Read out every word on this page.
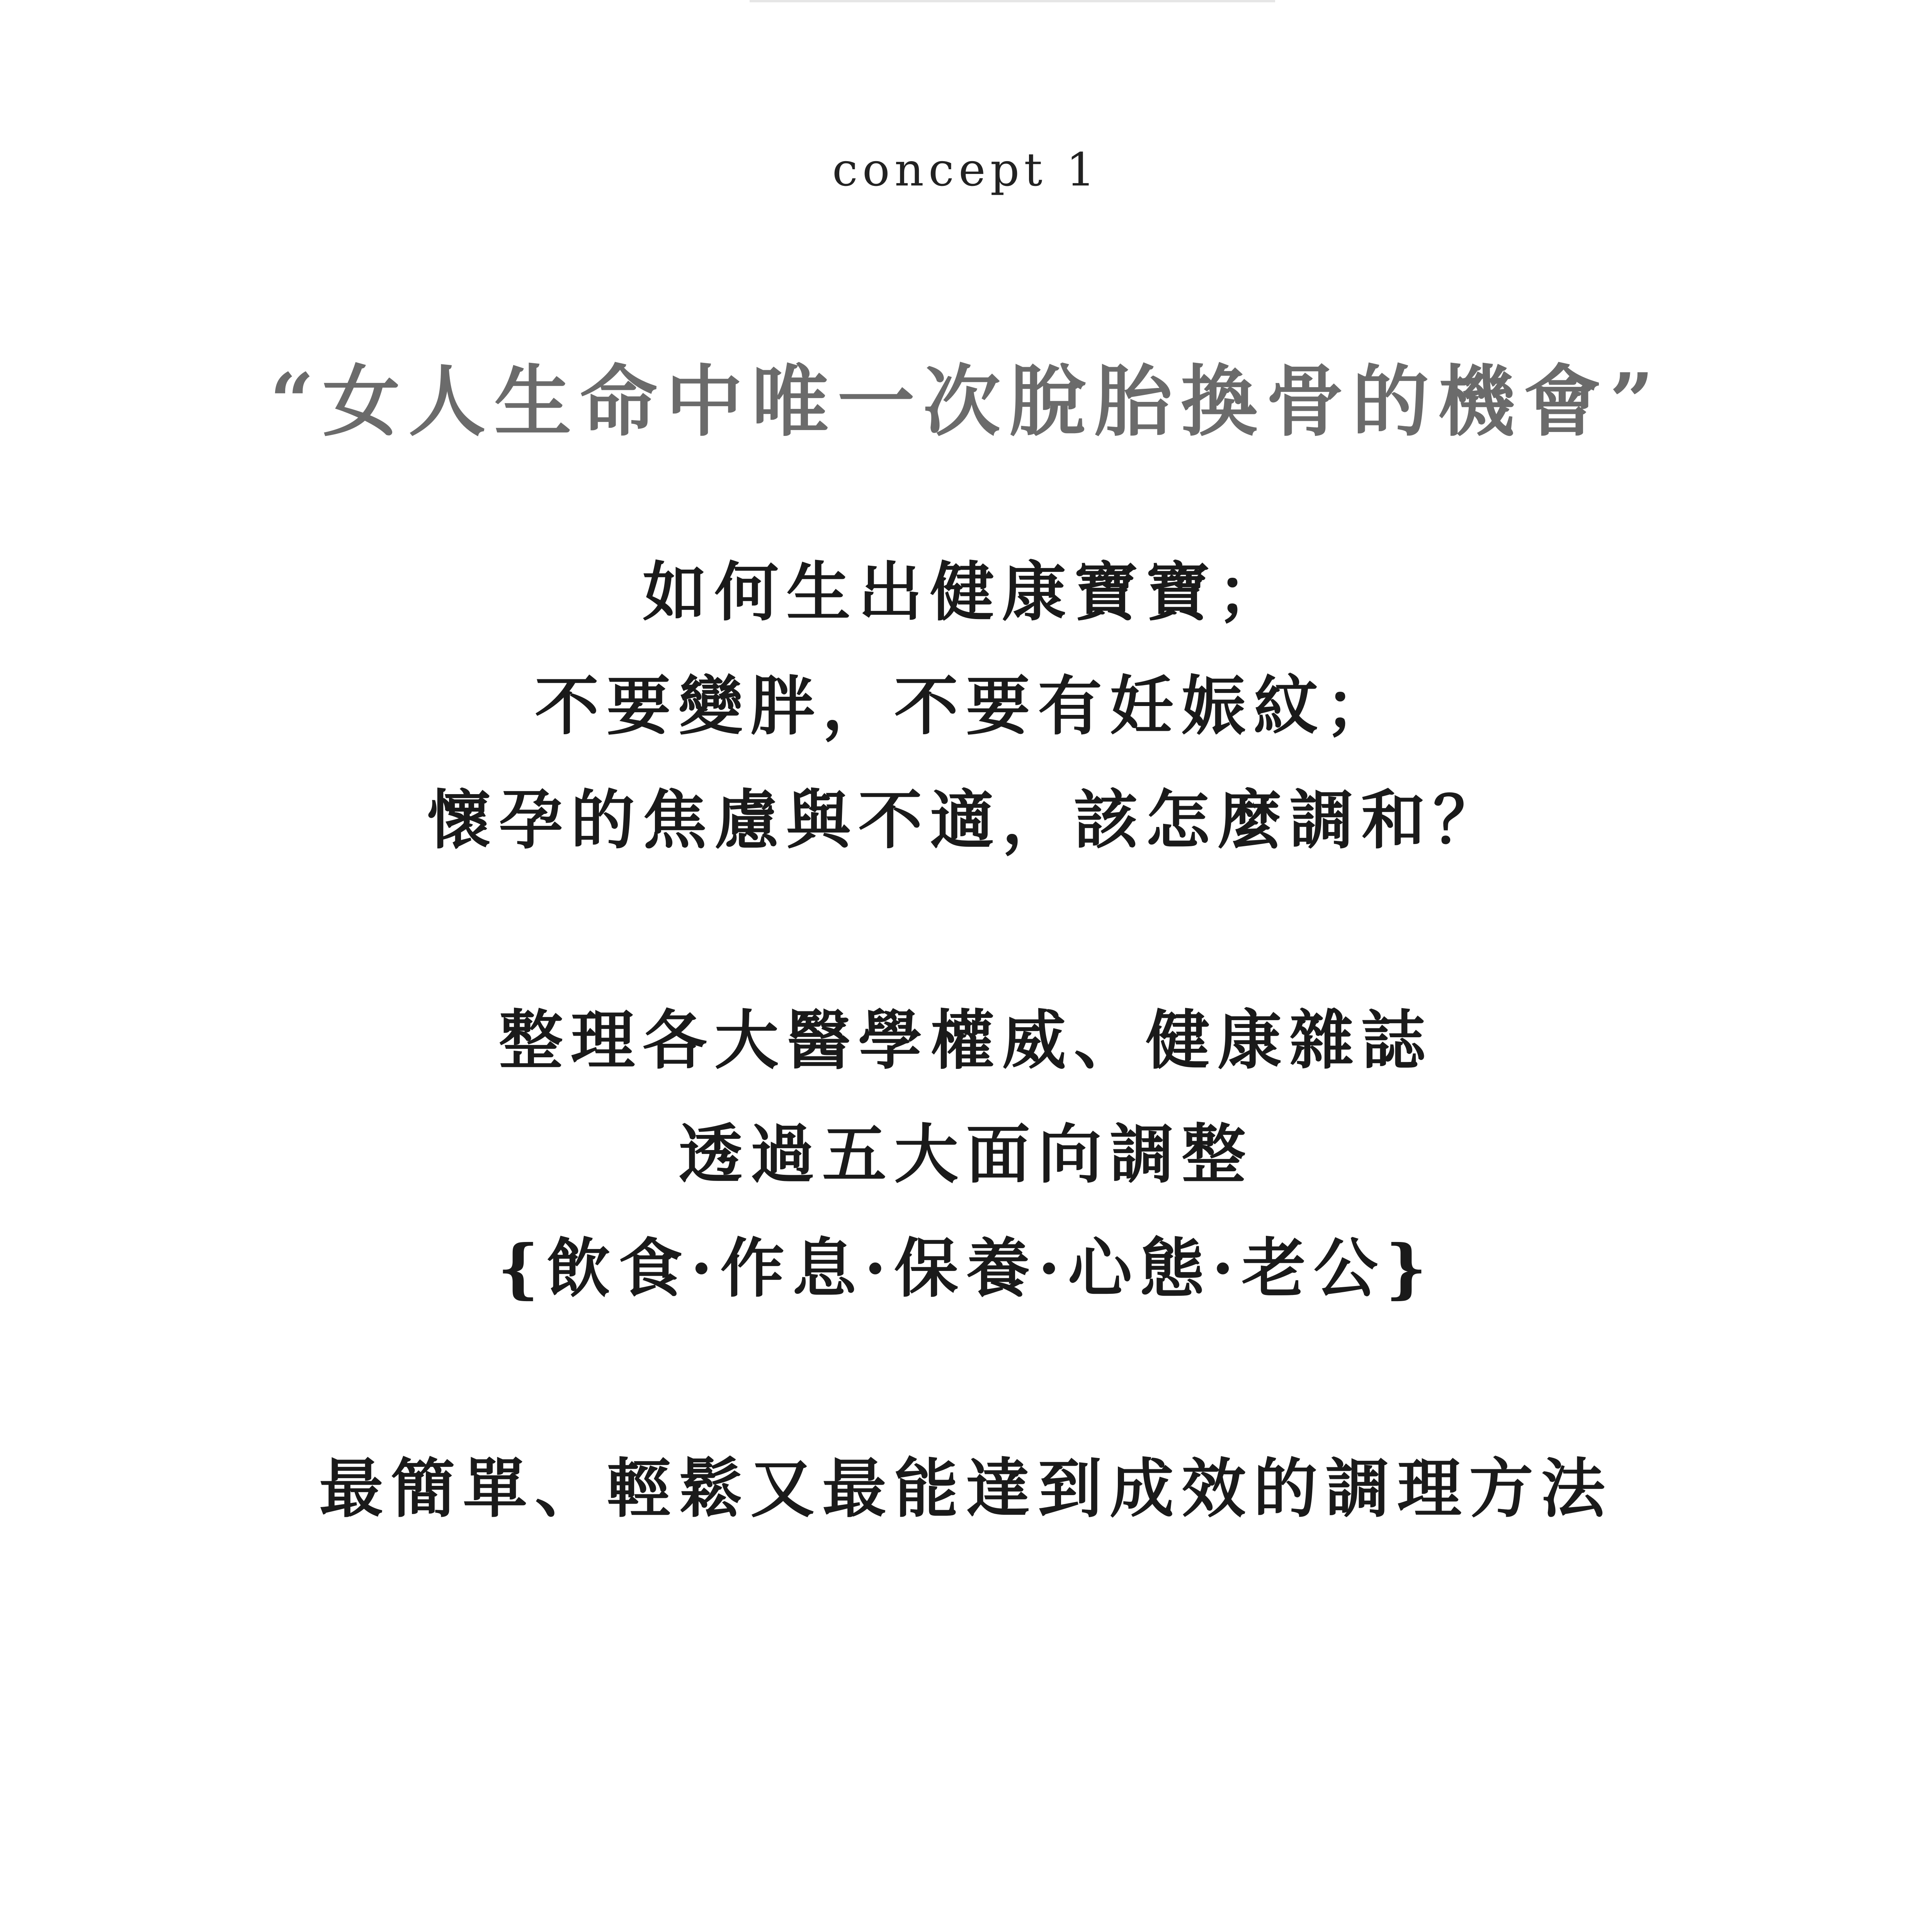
concept 1
“女人生命中唯一次脫胎換骨的機會”
如何生出健康寶寶；
不要變胖，不要有妊娠紋；
懷孕的焦慮與不適，該怎麼調和？
整理各大醫學權威、健康雜誌
透過五大面向調整
{飲食·作息·保養·心態·老公}
最簡單、輕鬆又最能達到成效的調理方法
